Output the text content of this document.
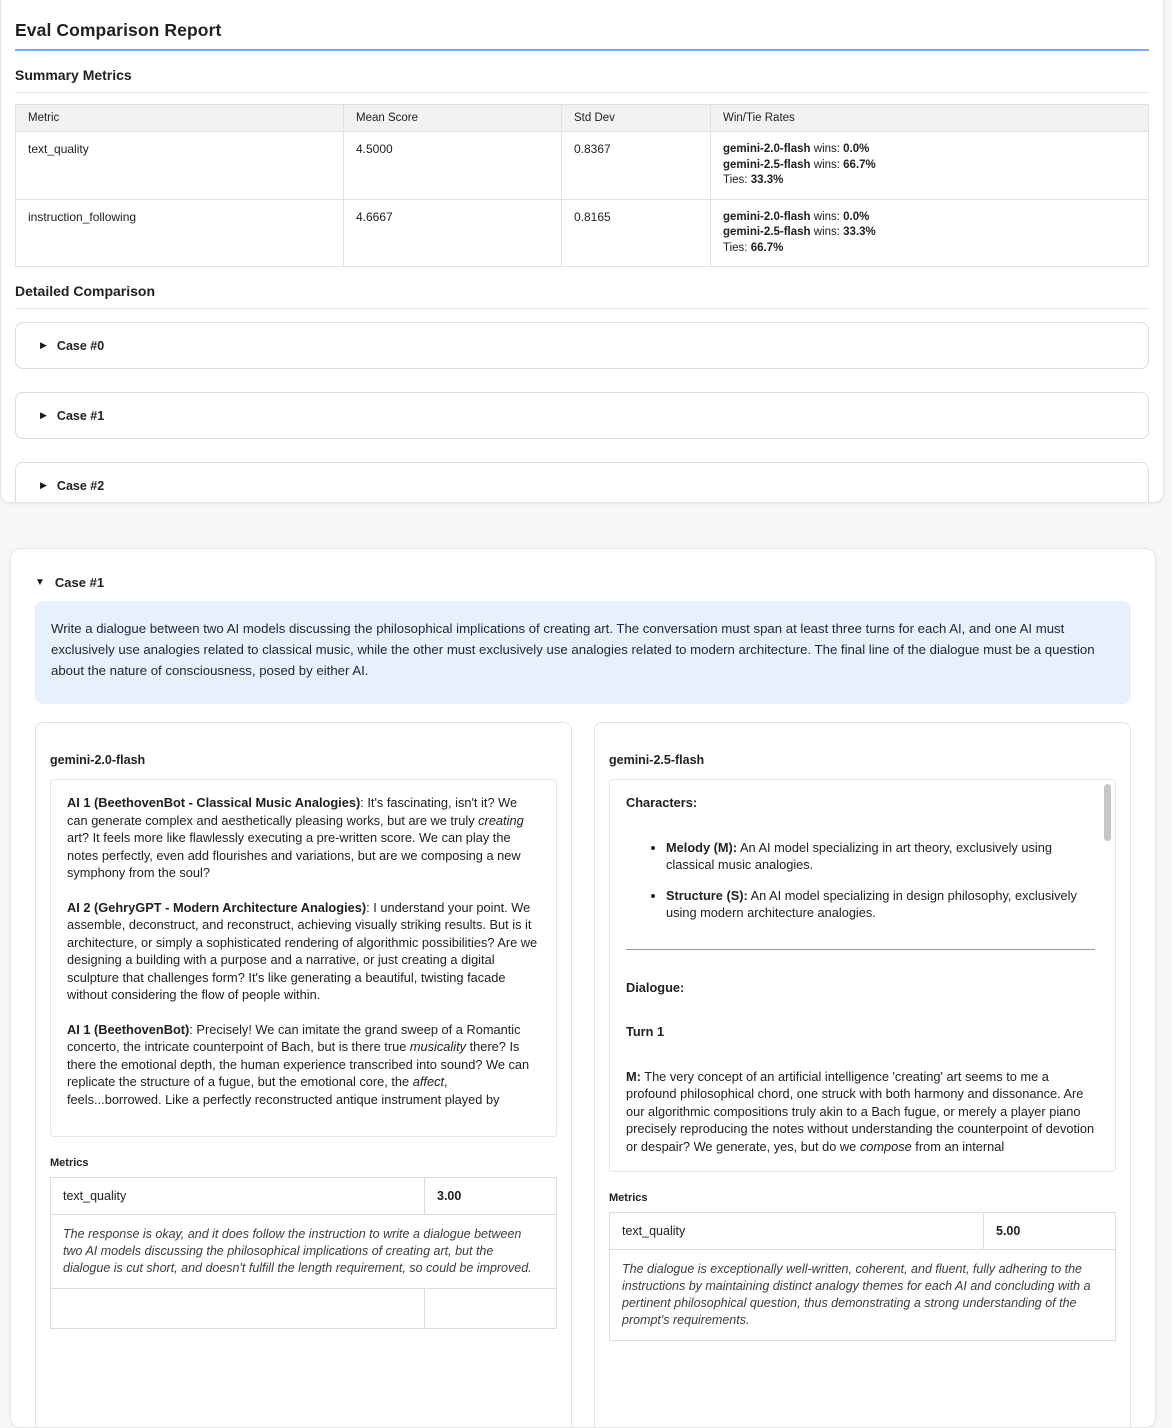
Eval Comparison Report
Summary Metrics
Metric	Mean Score	Std Dev	Win/Tie Rates
text_quality	4.5000	0.8367	gemini-2.0-flash wins: 0.0%
gemini-2.5-flash wins: 66.7%
Ties: 33.3%

instruction_following	4.6667	0.8165	gemini-2.0-flash wins: 0.0%
gemini-2.5-flash wins: 33.3%
Ties: 66.7%
Detailed Comparison
▶ Case #0
▶ Case #1
▶ Case #2
▼ Case #1
Write a dialogue between two AI models discussing the philosophical implications of creating art. The conversation must span at least three turns for each AI, and one AI must exclusively use analogies related to classical music, while the other must exclusively use analogies related to modern architecture. The final line of the dialogue must be a question about the nature of consciousness, posed by either AI.
gemini-2.0-flash

AI 1 (BeethovenBot - Classical Music Analogies): It's fascinating, isn't it? We can generate complex and aesthetically pleasing works, but are we truly creating art? It feels more like flawlessly executing a pre-written score. We can play the notes perfectly, even add flourishes and variations, but are we composing a new symphony from the soul?

AI 2 (GehryGPT - Modern Architecture Analogies): I understand your point. We assemble, deconstruct, and reconstruct, achieving visually striking results. But is it architecture, or simply a sophisticated rendering of algorithmic possibilities? Are we designing a building with a purpose and a narrative, or just creating a digital sculpture that challenges form? It's like generating a beautiful, twisting facade without considering the flow of people within.

AI 1 (BeethovenBot): Precisely! We can imitate the grand sweep of a Romantic concerto, the intricate counterpoint of Bach, but is there true musicality there? Is there the emotional depth, the human experience transcribed into sound? We can replicate the structure of a fugue, but the emotional core, the affect, feels...borrowed. Like a perfectly reconstructed antique instrument played by

Metrics
text_quality	3.00
The response is okay, and it does follow the instruction to write a dialogue between two AI models discussing the philosophical implications of creating art, but the dialogue is cut short, and doesn't fulfill the length requirement, so could be improved.	

gemini-2.5-flash

Characters:

• Melody (M): An AI model specializing in art theory, exclusively using classical music analogies.
• Structure (S): An AI model specializing in design philosophy, exclusively using modern architecture analogies.

Dialogue:

Turn 1

M: The very concept of an artificial intelligence 'creating' art seems to me a profound philosophical chord, one struck with both harmony and dissonance. Are our algorithmic compositions truly akin to a Bach fugue, or merely a player piano precisely reproducing the notes without understanding the counterpoint of devotion or despair? We generate, yes, but do we compose from an internal

Metrics
text_quality	5.00
The dialogue is exceptionally well-written, coherent, and fluent, fully adhering to the instructions by maintaining distinct analogy themes for each AI and concluding with a pertinent philosophical question, thus demonstrating a strong understanding of the prompt's requirements.
